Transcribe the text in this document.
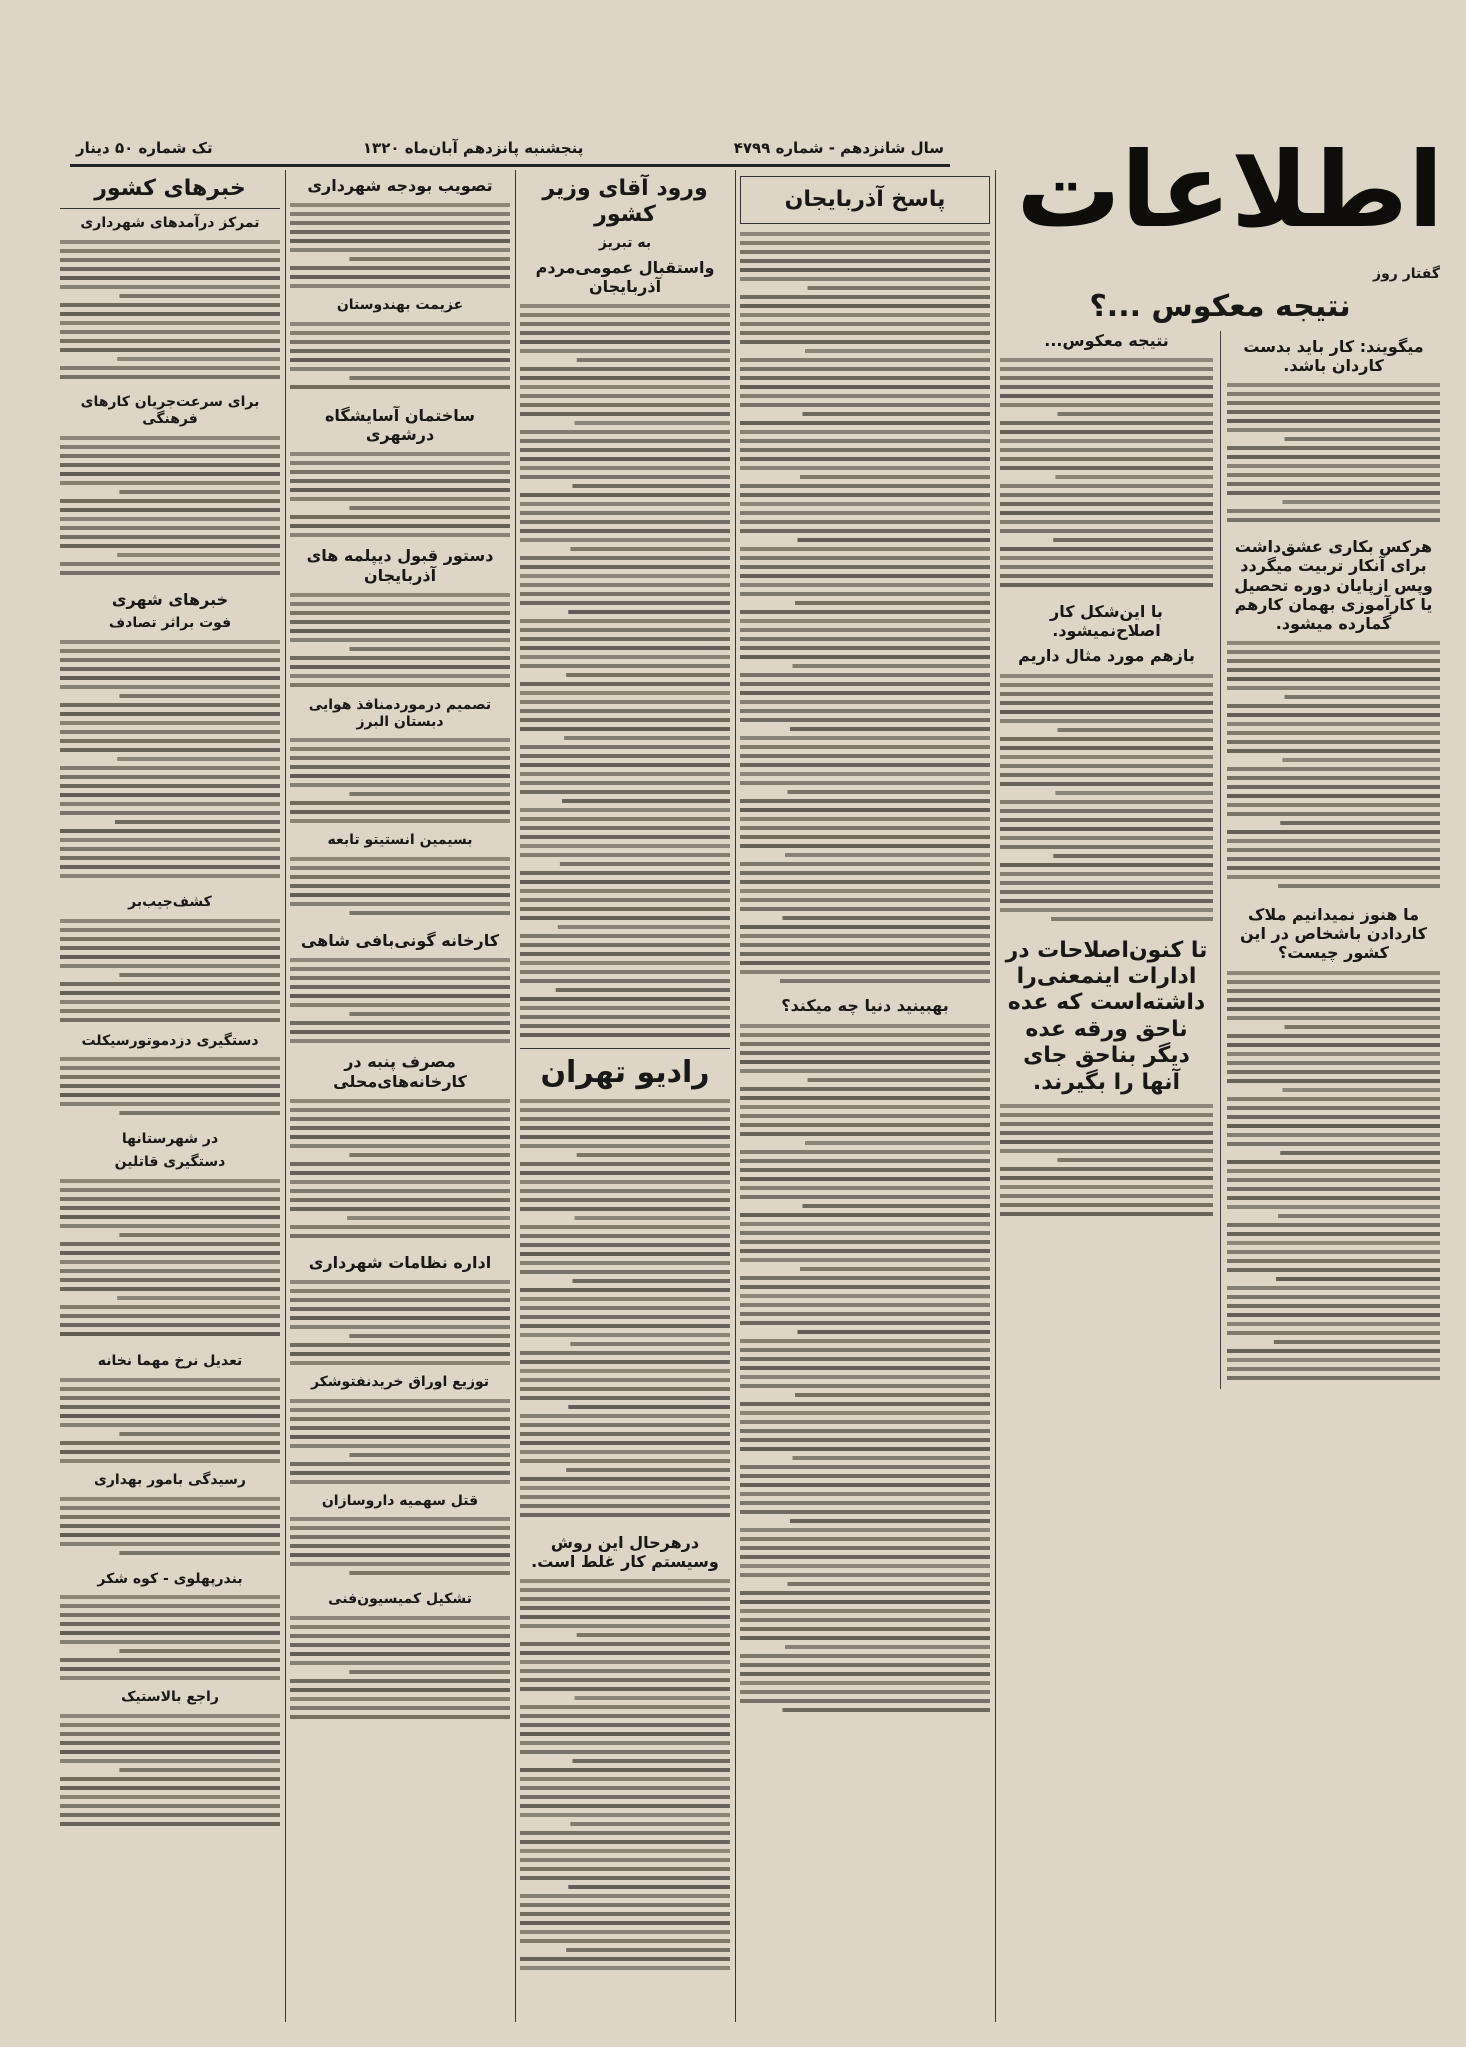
سال شانزدهم - شماره ۴۷۹۹
پنجشنبه پانزدهم آبان‌ماه ۱۳۲۰
تک شماره ۵۰ دینار	اطلاعات
گفتار روز
نتیجه معکوس ...؟
میگویند: کار باید بدست کاردان باشد.
هرکس بکاری عشق‌داشت برای آنکار تربیت میگردد وپس ازپایان دوره تحصیل یا کارآموزی بهمان کارهم گمارده میشود.
ما هنوز نمیدانیم ملاک کاردادن باشخاص در این کشور چیست؟
نتیجه معکوس...
با این‌شکل کار اصلاح‌نمیشود.
بازهم مورد مثال داریم
تا کنون‌اصلاحات در ادارات اینمعنی‌را داشته‌است که عده ناحق ورقه عده دیگر بناحق جای آنها را بگیرند.
پاسخ آذربایجان
بهبینید دنیا چه میکند؟
ورود آقای وزیر کشور
به تبریز
واستقبال عمومی‌مردم آذربایجان
رادیو تهران
درهرحال این روش وسیستم کار غلط است.
تصویب بودجه شهرداری
عزیمت بهندوستان
ساختمان آسایشگاه درشهری
دستور قبول دیپلمه های آذربایجان
تصمیم درموردمنافذ هوایی دبستان البرز
بسیمین انستیتو تابعه
کارخانه گونی‌بافی شاهی
مصرف پنبه در کارخانه‌های‌محلی
اداره نظامات شهرداری
توزیع اوراق خریدنفتوشکر
قتل سهمیه داروسازان
تشکیل کمیسیون‌فنی
خبرهای کشور
تمرکز درآمدهای شهرداری
برای سرعت‌جریان کارهای فرهنگی
خبرهای شهری
فوت براثر تصادف
کشف‌جیب‌بر
دستگیری دزدموتورسیکلت
در شهرستانها
دستگیری قاتلین
تعدیل نرخ مهما نخانه
رسیدگی بامور بهداری
بندرپهلوی - کوه شکر
راجع بالاستیک
